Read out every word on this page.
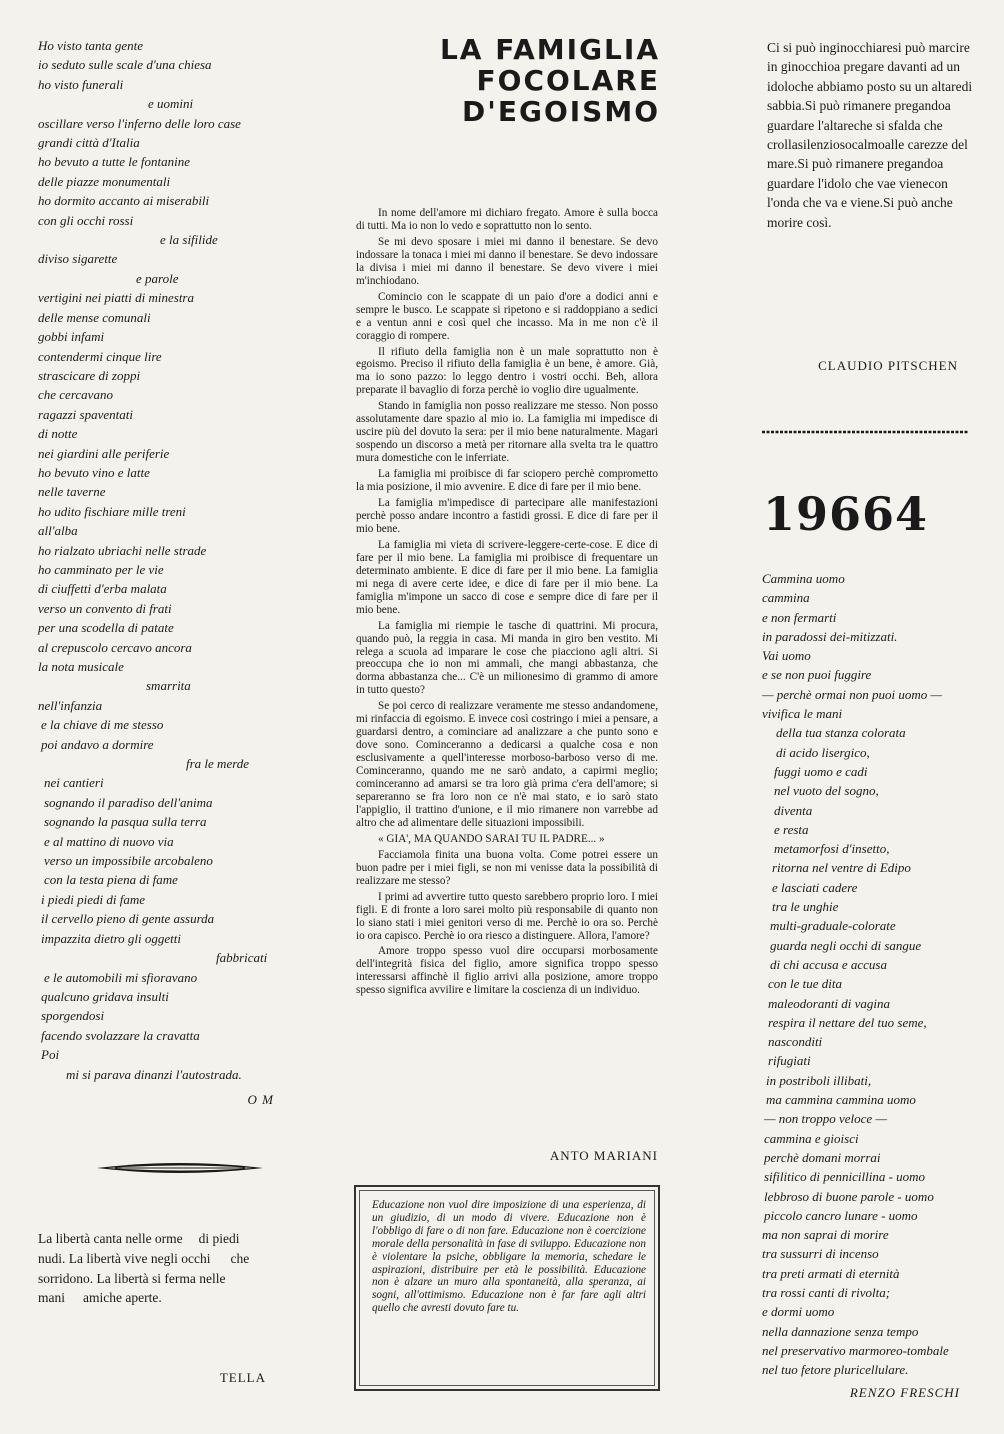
Ho visto tanta gente
io seduto sulle scale d'una chiesa
ho visto funerali
e uomini
oscillare verso l'inferno delle loro case
grandi città d'Italia
ho bevuto a tutte le fontanine
delle piazze monumentali
ho dormito accanto ai miserabili
con gli occhi rossi
e la sifilide
diviso sigarette
e parole
vertigini nei piatti di minestra
delle mense comunali
gobbi infami
contendermi cinque lire
strascicare di zoppi
che cercavano
ragazzi spaventati
di notte
nei giardini alle periferie
ho bevuto vino e latte
nelle taverne
ho udito fischiare mille treni
all'alba
ho rialzato ubriachi nelle strade
ho camminato per le vie
di ciuffetti d'erba malata
verso un convento di frati
per una scodella di patate
al crepuscolo cercavo ancora
la nota musicale
smarrita
nell'infanzia
e la chiave di me stesso
poi andavo a dormire
fra le merde
nei cantieri
sognando il paradiso dell'anima
sognando la pasqua sulla terra
e al mattino di nuovo via
verso un impossibile arcobaleno
con la testa piena di fame
i piedi piedi di fame
il cervello pieno di gente assurda
impazzita dietro gli oggetti
fabbricati
e le automobili mi sfioravano
qualcuno gridava insulti
sporgendosi
facendo svolazzare la cravatta
Poi
mi si parava dinanzi l'autostrada.
O M
La libertà canta nelle orme di piedi nudi. La libertà vive negli occhi che sorridono. La libertà si ferma nelle mani amiche aperte.
TELLA
LA FAMIGLIA
FOCOLARE
D'EGOISMO

In nome dell'amore mi dichiaro fregato. Amore è sulla bocca di tutti. Ma io non lo vedo e soprattutto non lo sento.

Se mi devo sposare i miei mi danno il benestare. Se devo indossare la tonaca i miei mi danno il benestare. Se devo indossare la divisa i miei mi danno il benestare. Se devo vivere i miei m'inchiodano.

Comincio con le scappate di un paio d'ore a dodici anni e sempre le busco. Le scappate si ripetono e si raddoppiano a sedici e a ventun anni e così quel che incasso. Ma in me non c'è il coraggio di rompere.

Il rifiuto della famiglia non è un male soprattutto non è egoismo. Preciso il rifiuto della famiglia è un bene, è amore. Già, ma io sono pazzo: lo leggo dentro i vostri occhi. Beh, allora preparate il bavaglio di forza perchè io voglio dire ugualmente.

Stando in famiglia non posso realizzare me stesso. Non posso assolutamente dare spazio al mio io. La famiglia mi impedisce di uscire più del dovuto la sera: per il mio bene naturalmente. Magari sospendo un discorso a metà per ritornare alla svelta tra le quattro mura domestiche con le inferriate.

La famiglia mi proibisce di far sciopero perchè comprometto la mia posizione, il mio avvenire. E dice di fare per il mio bene.

La famiglia m'impedisce di partecipare alle manifestazioni perchè posso andare incontro a fastidi grossi. E dice di fare per il mio bene.

La famiglia mi vieta di scrivere-leggere-certe-cose. E dice di fare per il mio bene. La famiglia mi proibisce di frequentare un determinato ambiente. E dice di fare per il mio bene. La famiglia mi nega di avere certe idee, e dice di fare per il mio bene. La famiglia m'impone un sacco di cose e sempre dice di fare per il mio bene.

La famiglia mi riempie le tasche di quattrini. Mi procura, quando può, la reggia in casa. Mi manda in giro ben vestito. Mi relega a scuola ad imparare le cose che piacciono agli altri. Si preoccupa che io non mi ammali, che mangi abbastanza, che dorma abbastanza che... C'è un milionesimo di grammo di amore in tutto questo?

Se poi cerco di realizzare veramente me stesso andandomene, mi rinfaccia di egoismo. E invece così costringo i miei a pensare, a guardarsi dentro, a cominciare ad analizzare a che punto sono e dove sono. Cominceranno a dedicarsi a qualche cosa e non esclusivamente a quell'interesse morboso-barboso verso di me. Cominceranno, quando me ne sarò andato, a capirmi meglio; cominceranno ad amarsi se tra loro già prima c'era dell'amore; si separeranno se fra loro non ce n'è mai stato, e io sarò stato l'appiglio, il trattino d'unione, e il mio rimanere non varrebbe ad altro che ad alimentare delle situazioni impossibili.

« GIA', MA QUANDO SARAI TU IL PADRE... »

Facciamola finita una buona volta. Come potrei essere un buon padre per i miei figli, se non mi venisse data la possibilità di realizzare me stesso?

I primi ad avvertire tutto questo sarebbero proprio loro. I miei figli. E di fronte a loro sarei molto più responsabile di quanto non lo siano stati i miei genitori verso di me. Perchè io ora so. Perchè io ora capisco. Perchè io ora riesco a distinguere. Allora, l'amore?

Amore troppo spesso vuol dire occuparsi morbosamente dell'integrità fisica del figlio, amore significa troppo spesso interessarsi affinchè il figlio arrivi alla posizione, amore troppo spesso significa avvilire e limitare la coscienza di un individuo.

ANTO MARIANI
Educazione non vuol dire imposizione di una esperienza, di un giudizio, di un modo di vivere. Educazione non è l'obbligo di fare o di non fare. Educazione non è coercizione morale della personalità in fase di sviluppo. Educazione non è violentare la psiche, obbligare la memoria, schedare le aspirazioni, distribuire per età le possibilità. Educazione non è alzare un muro alla spontaneità, alla speranza, ai sogni, all'ottimismo. Educazione non è far fare agli altri quello che avresti dovuto fare tu.
Ci si può inginocchiaresi può marcire in ginocchioa pregare davanti ad un idoloche abbiamo posto su un altaredi sabbia.Si può rimanere pregandoa guardare l'altareche si sfalda che crollasilenziosocalmoalle carezze del mare.Si può rimanere pregandoa guardare l'idolo che vae vienecon l'onda che va e viene.Si può anche morire così.
CLAUDIO PITSCHEN
19664
Cammina uomo
cammina
e non fermarti
in paradossi dei-mitizzati.
Vai uomo
e se non puoi fuggire
— perchè ormai non puoi uomo —
vivifica le mani
della tua stanza colorata
di acido lisergico,
fuggi uomo e cadi
nel vuoto del sogno,
diventa
e resta
metamorfosi d'insetto,
ritorna nel ventre di Edipo
e lasciati cadere
tra le unghie
multi-graduale-colorate
guarda negli occhi di sangue
di chi accusa e accusa
con le tue dita
maleodoranti di vagina
respira il nettare del tuo seme,
nasconditi
rifugiati
in postriboli illibati,
ma cammina cammina uomo
— non troppo veloce —
cammina e gioisci
perchè domani morrai
sifilitico di pennicillina - uomo
lebbroso di buone parole - uomo
piccolo cancro lunare - uomo
ma non saprai di morire
tra sussurri di incenso
tra preti armati di eternità
tra rossi canti di rivolta;
e dormi uomo
nella dannazione senza tempo
nel preservativo marmoreo-tombale
nel tuo fetore pluricellulare.
RENZO FRESCHI
